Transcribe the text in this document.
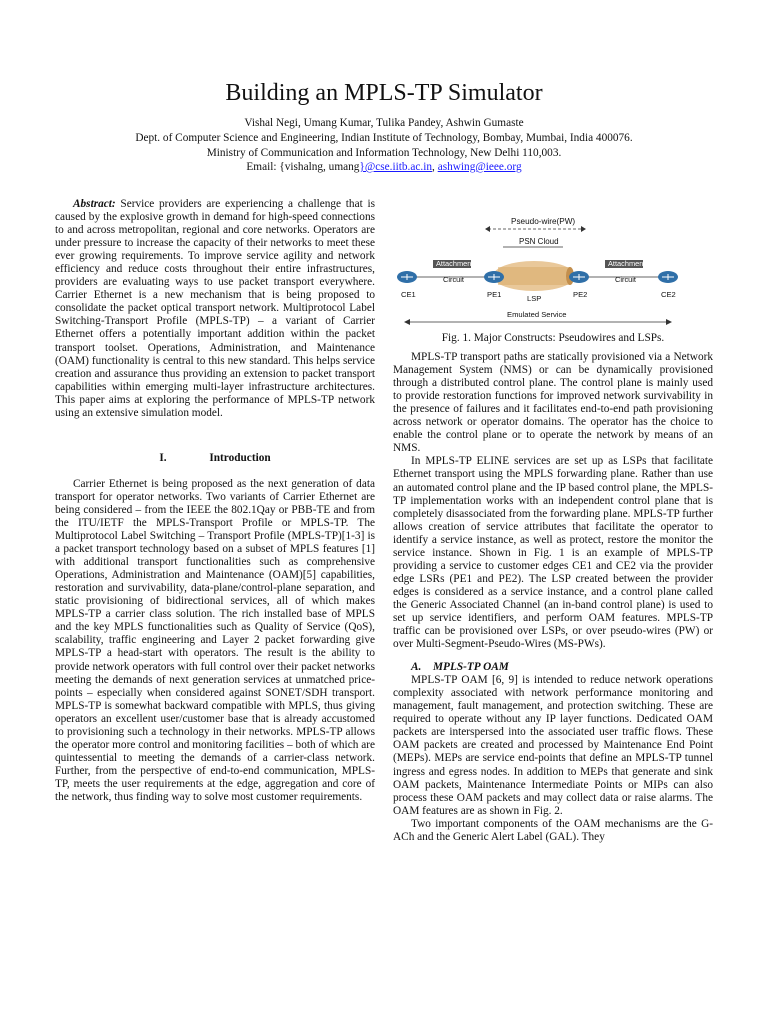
Building an MPLS-TP Simulator
Vishal Negi, Umang Kumar, Tulika Pandey, Ashwin Gumaste
Dept. of Computer Science and Engineering, Indian Institute of Technology, Bombay, Mumbai, India 400076.
Ministry of Communication and Information Technology, New Delhi 110,003.
Email: {vishalng, umang}@cse.iitb.ac.in, ashwing@ieee.org

Abstract: Service providers are experiencing a challenge that is caused by the explosive growth in demand for high-speed connections to and across metropolitan, regional and core networks. Operators are under pressure to increase the capacity of their networks to meet these ever growing requirements. To improve service agility and network efficiency and reduce costs throughout their entire infrastructures, providers are evaluating ways to use packet transport everywhere. Carrier Ethernet is a new mechanism that is being proposed to consolidate the packet optical transport network. Multiprotocol Label Switching-Transport Profile (MPLS-TP) – a variant of Carrier Ethernet offers a potentially important addition within the packet transport toolset. Operations, Administration, and Maintenance (OAM) functionality is central to this new standard. This helps service creation and assurance thus providing an extension to packet transport capabilities within emerging multi-layer infrastructure architectures. This paper aims at exploring the performance of MPLS-TP network using an extensive simulation model.

I.	Introduction

Carrier Ethernet is being proposed as the next generation of data transport for operator networks. Two variants of Carrier Ethernet are being considered – from the IEEE the 802.1Qay or PBB-TE and from the ITU/IETF the MPLS-Transport Profile or MPLS-TP. The Multiprotocol Label Switching – Transport Profile (MPLS-TP)[1-3] is a packet transport technology based on a subset of MPLS features [1] with additional transport functionalities such as comprehensive Operations, Administration and Maintenance (OAM)[5] capabilities, restoration and survivability, data-plane/control-plane separation, and static provisioning of bidirectional services, all of which makes MPLS-TP a carrier class solution. The rich installed base of MPLS and the key MPLS functionalities such as Quality of Service (QoS), scalability, traffic engineering and Layer 2 packet forwarding give MPLS-TP a head-start with operators. The result is the ability to provide network operators with full control over their packet networks meeting the demands of next generation services at unmatched price-points – especially when considered against SONET/SDH transport. MPLS-TP is somewhat backward compatible with MPLS, thus giving operators an excellent user/customer base that is already accustomed to provisioning such a technology in their networks. MPLS-TP allows the operator more control and monitoring facilities – both of which are quintessential to meeting the demands of a carrier-class network. Further, from the perspective of end-to-end communication, MPLS-TP, meets the user requirements at the edge, aggregation and core of the network, thus finding way to solve most customer requirements.

Pseudo-wire(PW)
PSN Cloud
Attachment
Circuit
Attachment
Circuit
CE1	PE1	LSP	PE2	CE2
Emulated Service
Fig. 1. Major Constructs: Pseudowires and LSPs.

MPLS-TP transport paths are statically provisioned via a Network Management System (NMS) or can be dynamically provisioned through a distributed control plane. The control plane is mainly used to provide restoration functions for improved network survivability in the presence of failures and it facilitates end-to-end path provisioning across network or operator domains. The operator has the choice to enable the control plane or to operate the network by means of an NMS.

In MPLS-TP ELINE services are set up as LSPs that facilitate Ethernet transport using the MPLS forwarding plane. Rather than use an automated control plane and the IP based control plane, the MPLS-TP implementation works with an independent control plane that is completely disassociated from the forwarding plane. MPLS-TP further allows creation of service attributes that facilitate the operator to identify a service instance, as well as protect, restore the monitor the service instance. Shown in Fig. 1 is an example of MPLS-TP providing a service to customer edges CE1 and CE2 via the provider edge LSRs (PE1 and PE2). The LSP created between the provider edges is considered as a service instance, and a control plane called the Generic Associated Channel (an in-band control plane) is used to set up service identifiers, and perform OAM features. MPLS-TP traffic can be provisioned over LSPs, or over pseudo-wires (PW) or over Multi-Segment-Pseudo-Wires (MS-PWs).

A. MPLS-TP OAM

MPLS-TP OAM [6, 9] is intended to reduce network operations complexity associated with network performance monitoring and management, fault management, and protection switching. These are required to operate without any IP layer functions. Dedicated OAM packets are interspersed into the associated user traffic flows. These OAM packets are created and processed by Maintenance End Point (MEPs). MEPs are service end-points that define an MPLS-TP tunnel ingress and egress nodes. In addition to MEPs that generate and sink OAM packets, Maintenance Intermediate Points or MIPs can also process these OAM packets and may collect data or raise alarms. The OAM features are as shown in Fig. 2.

Two important components of the OAM mechanisms are the G-ACh and the Generic Alert Label (GAL). They
